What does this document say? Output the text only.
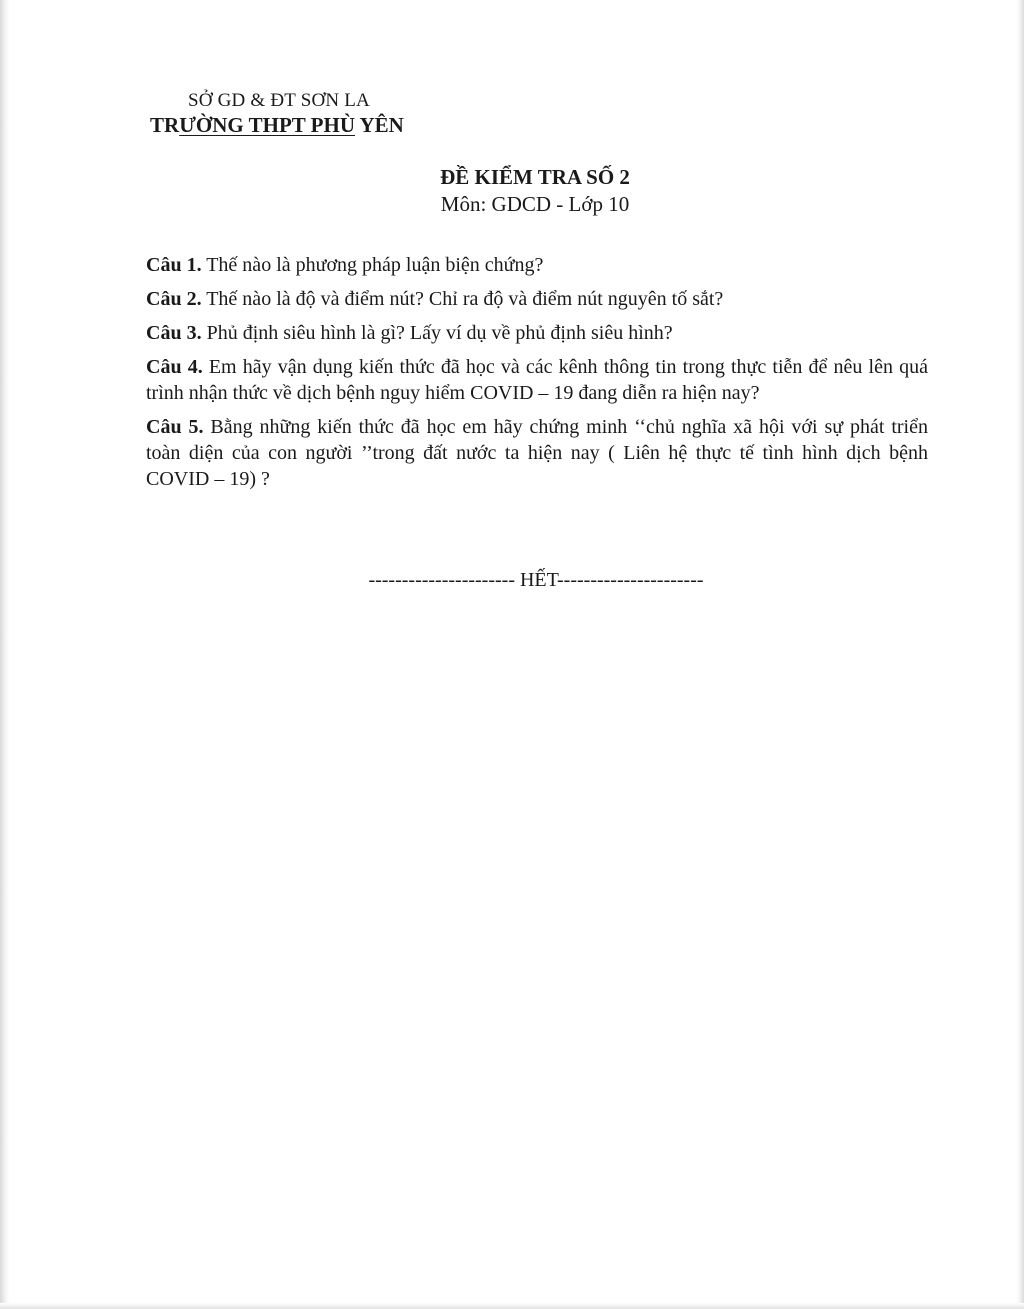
SỞ GD & ĐT SƠN LA
TRƯỜNG THPT PHÙ YÊN
ĐỀ KIỂM TRA SỐ 2
Môn: GDCD - Lớp 10

Câu 1. Thế nào là phương pháp luận biện chứng?

Câu 2. Thế nào là độ và điểm nút? Chỉ ra độ và điểm nút nguyên tố sắt?

Câu 3. Phủ định siêu hình là gì? Lấy ví dụ về phủ định siêu hình?

Câu 4. Em hãy vận dụng kiến thức đã học và các kênh thông tin trong thực tiễn để nêu lên quá trình nhận thức về dịch bệnh nguy hiểm COVID – 19 đang diễn ra hiện nay?

Câu 5. Bằng những kiến thức đã học em hãy chứng minh ‘‘chủ nghĩa xã hội với sự phát triển toàn diện của con người ’’trong đất nước ta hiện nay ( Liên hệ thực tế tình hình dịch bệnh COVID – 19) ?

---------------------- HẾT----------------------
